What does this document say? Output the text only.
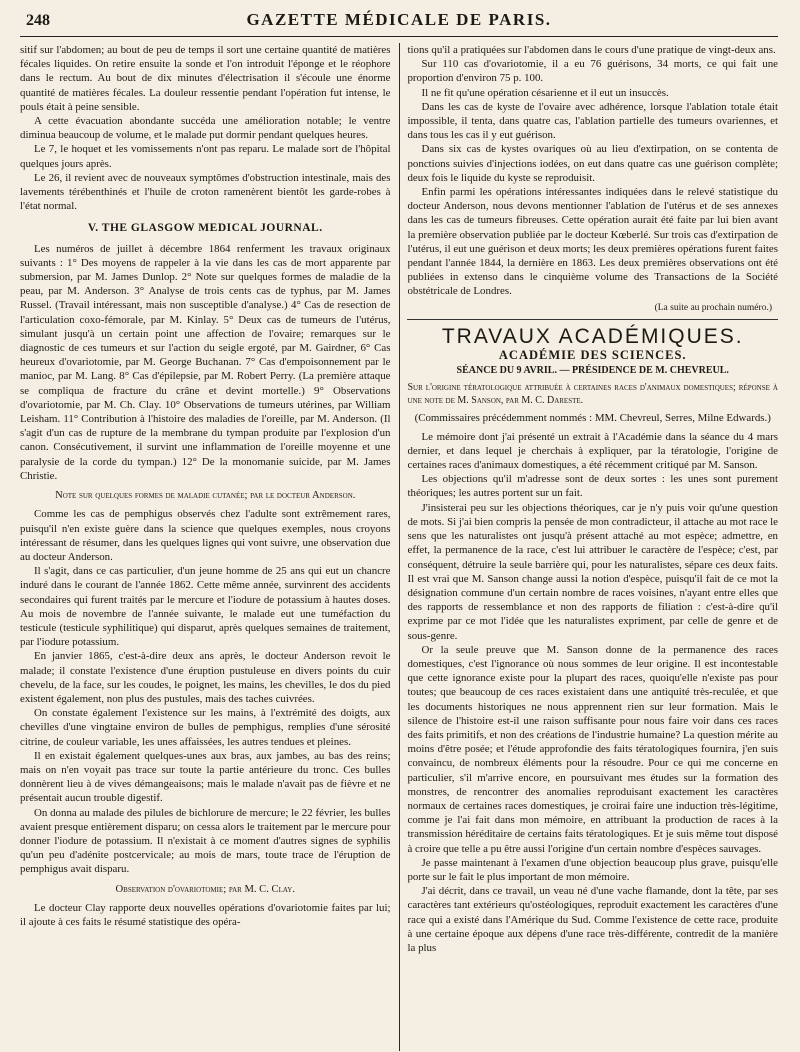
248	GAZETTE MÉDICALE DE PARIS.

sitif sur l'abdomen; au bout de peu de temps il sort une certaine quantité de matières fécales liquides. On retire ensuite la sonde et l'on introduit l'éponge et le réophore dans le rectum. Au bout de dix minutes d'électrisation il s'écoule une énorme quantité de matières fécales. La douleur ressentie pendant l'opération fut intense, le pouls était à peine sensible.

A cette évacuation abondante succéda une amélioration notable; le ventre diminua beaucoup de volume, et le malade put dormir pendant quelques heures.

Le 7, le hoquet et les vomissements n'ont pas reparu. Le malade sort de l'hôpital quelques jours après.

Le 26, il revient avec de nouveaux symptômes d'obstruction intestinale, mais des lavements térébenthinés et l'huile de croton ramenèrent bientôt les garde-robes à l'état normal.

V. THE GLASGOW MEDICAL JOURNAL.

Les numéros de juillet à décembre 1864 renferment les travaux originaux suivants : 1° Des moyens de rappeler à la vie dans les cas de mort apparente par submersion, par M. James Dunlop. 2° Note sur quelques formes de maladie de la peau, par M. Anderson. 3° Analyse de trois cents cas de typhus, par M. James Russel. (Travail intéressant, mais non susceptible d'analyse.) 4° Cas de resection de l'articulation coxo-fémorale, par M. Kinlay. 5° Deux cas de tumeurs de l'utérus, simulant jusqu'à un certain point une affection de l'ovaire; remarques sur le diagnostic de ces tumeurs et sur l'action du seigle ergoté, par M. Gairdner, 6° Cas heureux d'ovariotomie, par M. George Buchanan. 7° Cas d'empoisonnement par le manioc, par M. Lang. 8° Cas d'épilepsie, par M. Robert Perry. (La première attaque se compliqua de fracture du crâne et devint mortelle.) 9° Observations d'ovariotomie, par M. Ch. Clay. 10° Observations de tumeurs utérines, par William Leisham. 11° Contribution à l'histoire des maladies de l'oreille, par M. Anderson. (Il s'agit d'un cas de rupture de la membrane du tympan produite par l'explosion d'un canon. Consécutivement, il survint une inflammation de l'oreille moyenne et une paralysie de la corde du tympan.) 12° De la monomanie suicide, par M. James Christie.

Note sur quelques formes de maladie cutanée; par le docteur Anderson.

Comme les cas de pemphigus observés chez l'adulte sont extrêmement rares, puisqu'il n'en existe guère dans la science que quelques exemples, nous croyons intéressant de résumer, dans les quelques lignes qui vont suivre, une observation due au docteur Anderson.

Il s'agit, dans ce cas particulier, d'un jeune homme de 25 ans qui eut un chancre induré dans le courant de l'année 1862. Cette même année, survinrent des accidents secondaires qui furent traités par le mercure et l'iodure de potassium à hautes doses. Au mois de novembre de l'année suivante, le malade eut une tuméfaction du testicule (testicule syphilitique) qui disparut, après quelques semaines de traitement, par l'iodure potassium.

En janvier 1865, c'est-à-dire deux ans après, le docteur Anderson revoit le malade; il constate l'existence d'une éruption pustuleuse en divers points du cuir chevelu, de la face, sur les coudes, le poignet, les mains, les chevilles, le dos du pied existent également, non plus des pustules, mais des taches cuivrées.

On constate également l'existence sur les mains, à l'extrémité des doigts, aux chevilles d'une vingtaine environ de bulles de pemphigus, remplies d'une sérosité citrine, de couleur variable, les unes affaissées, les autres tendues et pleines.

Il en existait également quelques-unes aux bras, aux jambes, au bas des reins; mais on n'en voyait pas trace sur toute la partie antérieure du tronc. Ces bulles donnèrent lieu à de vives démangeaisons; mais le malade n'avait pas de fièvre et ne présentait aucun trouble digestif.

On donna au malade des pilules de bichlorure de mercure; le 22 février, les bulles avaient presque entièrement disparu; on cessa alors le traitement par le mercure pour donner l'iodure de potassium. Il n'existait à ce moment d'autres signes de syphilis qu'un peu d'adénite postcervicale; au mois de mars, toute trace de l'éruption de pemphigus avait disparu.

Observation d'ovariotomie; par M. C. Clay.

Le docteur Clay rapporte deux nouvelles opérations d'ovariotomie faites par lui; il ajoute à ces faits le résumé statistique des opéra-

tions qu'il a pratiquées sur l'abdomen dans le cours d'une pratique de vingt-deux ans.

Sur 110 cas d'ovariotomie, il a eu 76 guérisons, 34 morts, ce qui fait une proportion d'environ 75 p. 100.

Il ne fit qu'une opération césarienne et il eut un insuccès.

Dans les cas de kyste de l'ovaire avec adhérence, lorsque l'ablation totale était impossible, il tenta, dans quatre cas, l'ablation partielle des tumeurs ovariennes, et dans tous les cas il y eut guérison.

Dans six cas de kystes ovariques où au lieu d'extirpation, on se contenta de ponctions suivies d'injections iodées, on eut dans quatre cas une guérison complète; deux fois le liquide du kyste se reproduisit.

Enfin parmi les opérations intéressantes indiquées dans le relevé statistique du docteur Anderson, nous devons mentionner l'ablation de l'utérus et de ses annexes dans les cas de tumeurs fibreuses. Cette opération aurait été faite par lui bien avant la première observation publiée par le docteur Kœberlé. Sur trois cas d'extirpation de l'utérus, il eut une guérison et deux morts; les deux premières opérations furent faites pendant l'année 1844, la dernière en 1863. Les deux premières observations ont été publiées in extenso dans le cinquième volume des Transactions de la Société obstétricale de Londres.

(La suite au prochain numéro.)

TRAVAUX ACADÉMIQUES.

ACADÉMIE DES SCIENCES.

SÉANCE DU 9 AVRIL. — PRÉSIDENCE DE M. CHEVREUL.

Sur l'origine tératologique attribuée à certaines races d'animaux domestiques; réponse à une note de M. Sanson, par M. C. Dareste.

(Commissaires précédemment nommés : MM. Chevreul, Serres, Milne Edwards.)

Le mémoire dont j'ai présenté un extrait à l'Académie dans la séance du 4 mars dernier, et dans lequel je cherchais à expliquer, par la tératologie, l'origine de certaines races d'animaux domestiques, a été récemment critiqué par M. Sanson.

Les objections qu'il m'adresse sont de deux sortes : les unes sont purement théoriques; les autres portent sur un fait.

J'insisterai peu sur les objections théoriques, car je n'y puis voir qu'une question de mots. Si j'ai bien compris la pensée de mon contradicteur, il attache au mot race le sens que les naturalistes ont jusqu'à présent attaché au mot espèce; admettre, en effet, la permanence de la race, c'est lui attribuer le caractère de l'espèce; c'est, par conséquent, détruire la seule barrière qui, pour les naturalistes, sépare ces deux faits. Il est vrai que M. Sanson change aussi la notion d'espèce, puisqu'il fait de ce mot la désignation commune d'un certain nombre de races voisines, n'ayant entre elles que des rapports de ressemblance et non des rapports de filiation : c'est-à-dire qu'il exprime par ce mot l'idée que les naturalistes expriment, par celle de genre et de sous-genre.

Or la seule preuve que M. Sanson donne de la permanence des races domestiques, c'est l'ignorance où nous sommes de leur origine. Il est incontestable que cette ignorance existe pour la plupart des races, quoiqu'elle n'existe pas pour toutes; que beaucoup de ces races existaient dans une antiquité très-reculée, et que les documents historiques ne nous apprennent rien sur leur formation. Mais le silence de l'histoire est-il une raison suffisante pour nous faire voir dans ces races des faits primitifs, et non des créations de l'industrie humaine? La question mérite au moins d'être posée; et l'étude approfondie des faits tératologiques fournira, j'en suis convaincu, de nombreux éléments pour la résoudre. Pour ce qui me concerne en particulier, s'il m'arrive encore, en poursuivant mes études sur la formation des monstres, de rencontrer des anomalies reproduisant exactement les caractères normaux de certaines races domestiques, je croirai faire une induction très-légitime, comme je l'ai fait dans mon mémoire, en attribuant la production de races à la transmission héréditaire de certains faits tératologiques. Et je suis même tout disposé à croire que telle a pu être aussi l'origine d'un certain nombre d'espèces sauvages.

Je passe maintenant à l'examen d'une objection beaucoup plus grave, puisqu'elle porte sur le fait le plus important de mon mémoire.

J'ai décrit, dans ce travail, un veau né d'une vache flamande, dont la tête, par ses caractères tant extérieurs qu'ostéologiques, reproduit exactement les caractères d'une race qui a existé dans l'Amérique du Sud. Comme l'existence de cette race, produite à une certaine époque aux dépens d'une race très-différente, contredit de la manière la plus
